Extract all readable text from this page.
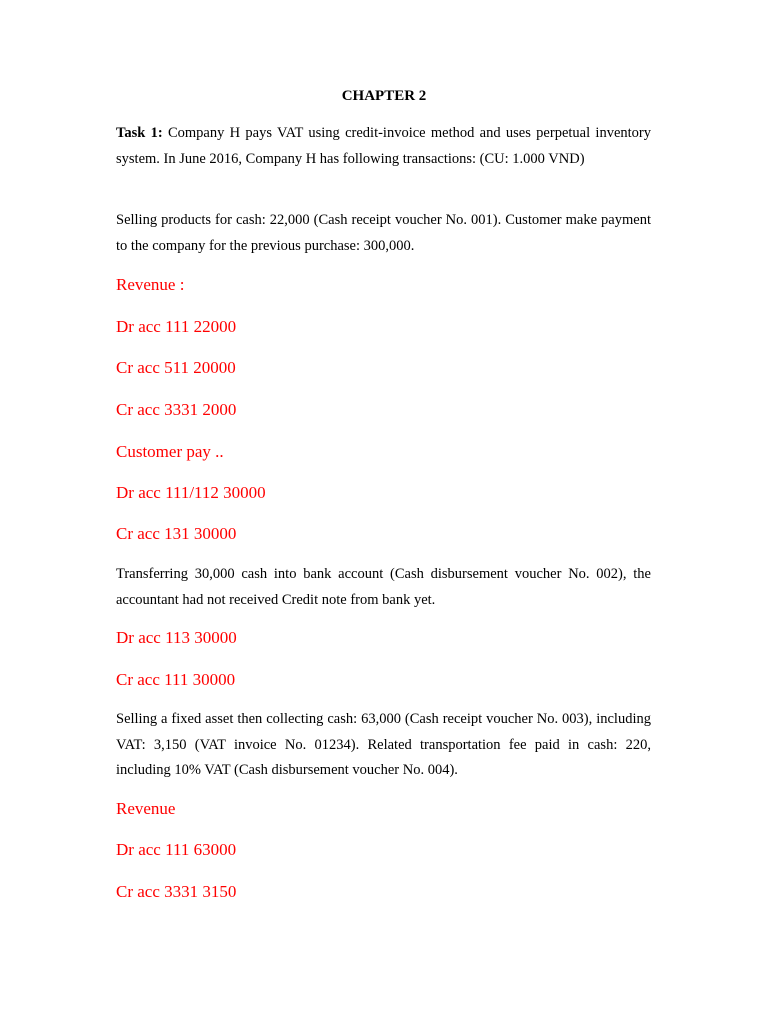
CHAPTER 2
Task 1: Company H pays VAT using credit-invoice method and uses perpetual inventory system. In June 2016, Company H has following transactions: (CU: 1.000 VND)
Selling products for cash: 22,000 (Cash receipt voucher No. 001). Customer make payment to the company for the previous purchase: 300,000.
Revenue :
Dr acc 111 22000
Cr acc 511 20000
Cr acc 3331 2000
Customer pay ..
Dr acc 111/112 30000
Cr acc 131 30000
Transferring 30,000 cash into bank account (Cash disbursement voucher No. 002), the accountant had not received Credit note from bank yet.
Dr acc 113 30000
Cr acc 111 30000
Selling a fixed asset then collecting cash: 63,000 (Cash receipt voucher No. 003), including VAT: 3,150 (VAT invoice No. 01234). Related transportation fee paid in cash: 220, including 10% VAT (Cash disbursement voucher No. 004).
Revenue
Dr acc 111 63000
Cr acc 3331 3150
